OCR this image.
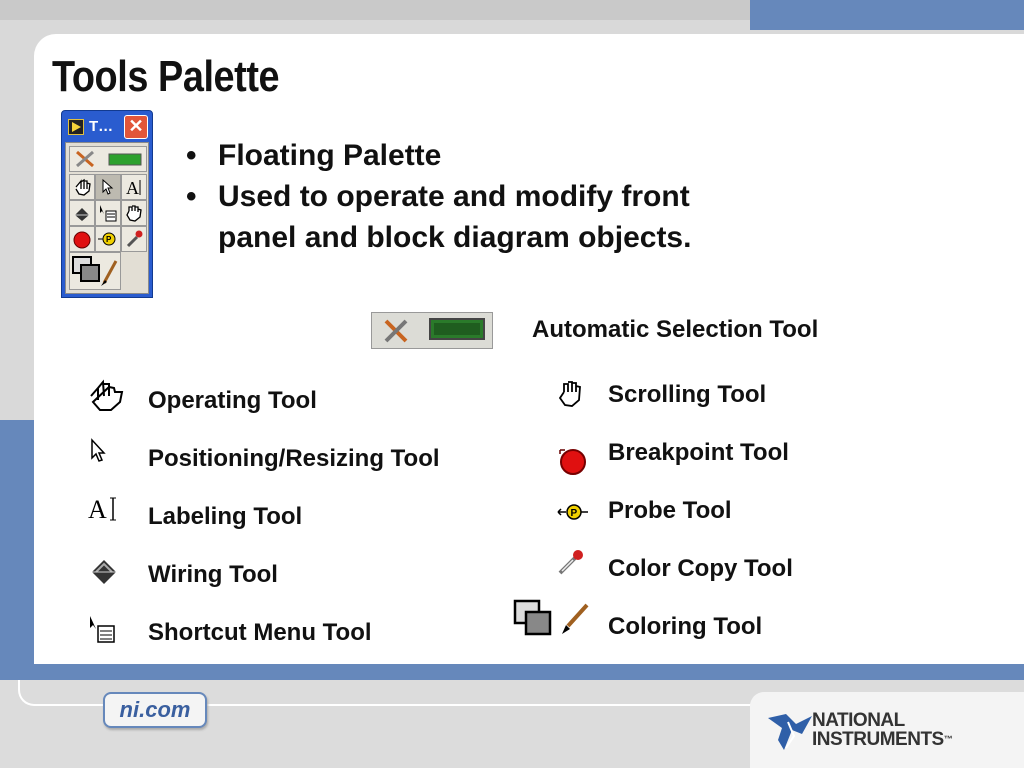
Tools Palette
T… ✕
A
P
• Floating Palette
• Used to operate and modify front panel and block diagram objects.
Automatic Selection Tool
Operating Tool
Positioning/Resizing Tool
A Labeling Tool
Wiring Tool
Shortcut Menu Tool
Scrolling Tool
Breakpoint Tool
P Probe Tool
Color Copy Tool
Coloring Tool
ni.com	NATIONAL
INSTRUMENTS™
